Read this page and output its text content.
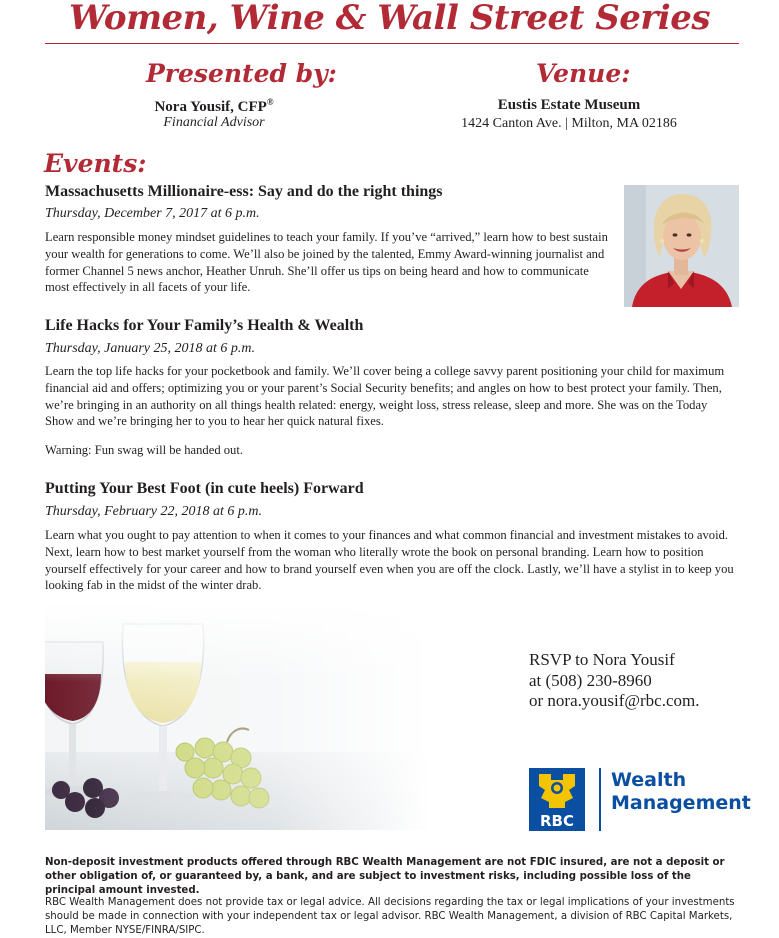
Women, Wine & Wall Street Series
Presented by:	Venue:
Nora Yousif, CFP®
Financial Advisor
Eustis Estate Museum
1424 Canton Ave. | Milton, MA 02186
Events:
Massachusetts Millionaire-ess: Say and do the right things
Thursday, December 7, 2017 at 6 p.m.

Learn responsible money mindset guidelines to teach your family. If you’ve “arrived,” learn how to best sustain your wealth for generations to come. We’ll also be joined by the talented, Emmy Award-winning journalist and former Channel 5 news anchor, Heather Unruh. She’ll offer us tips on being heard and how to communicate most effectively in all facets of your life.

Life Hacks for Your Family’s Health & Wealth
Thursday, January 25, 2018 at 6 p.m.

Learn the top life hacks for your pocketbook and family. We’ll cover being a college savvy parent positioning your child for maximum financial aid and offers; optimizing you or your parent’s Social Security benefits; and angles on how to best protect your family. Then, we’re bringing in an authority on all things health related: energy, weight loss, stress release, sleep and more. She was on the Today Show and we’re bringing her to you to hear her quick natural fixes.

Warning: Fun swag will be handed out.

Putting Your Best Foot (in cute heels) Forward
Thursday, February 22, 2018 at 6 p.m.

Learn what you ought to pay attention to when it comes to your finances and what common financial and investment mistakes to avoid. Next, learn how to best market yourself from the woman who literally wrote the book on personal branding. Learn how to position yourself effectively for your career and how to brand yourself even when you are off the clock. Lastly, we’ll have a stylist in to keep you looking fab in the midst of the winter drab.

RSVP to Nora Yousif
at (508) 230-8960
or nora.yousif@rbc.com.
RBC
Wealth
Management

Non-deposit investment products offered through RBC Wealth Management are not FDIC insured, are not a deposit or other obligation of, or guaranteed by, a bank, and are subject to investment risks, including possible loss of the principal amount invested.

RBC Wealth Management does not provide tax or legal advice. All decisions regarding the tax or legal implications of your investments should be made in connection with your independent tax or legal advisor. RBC Wealth Management, a division of RBC Capital Markets, LLC, Member NYSE/FINRA/SIPC.
